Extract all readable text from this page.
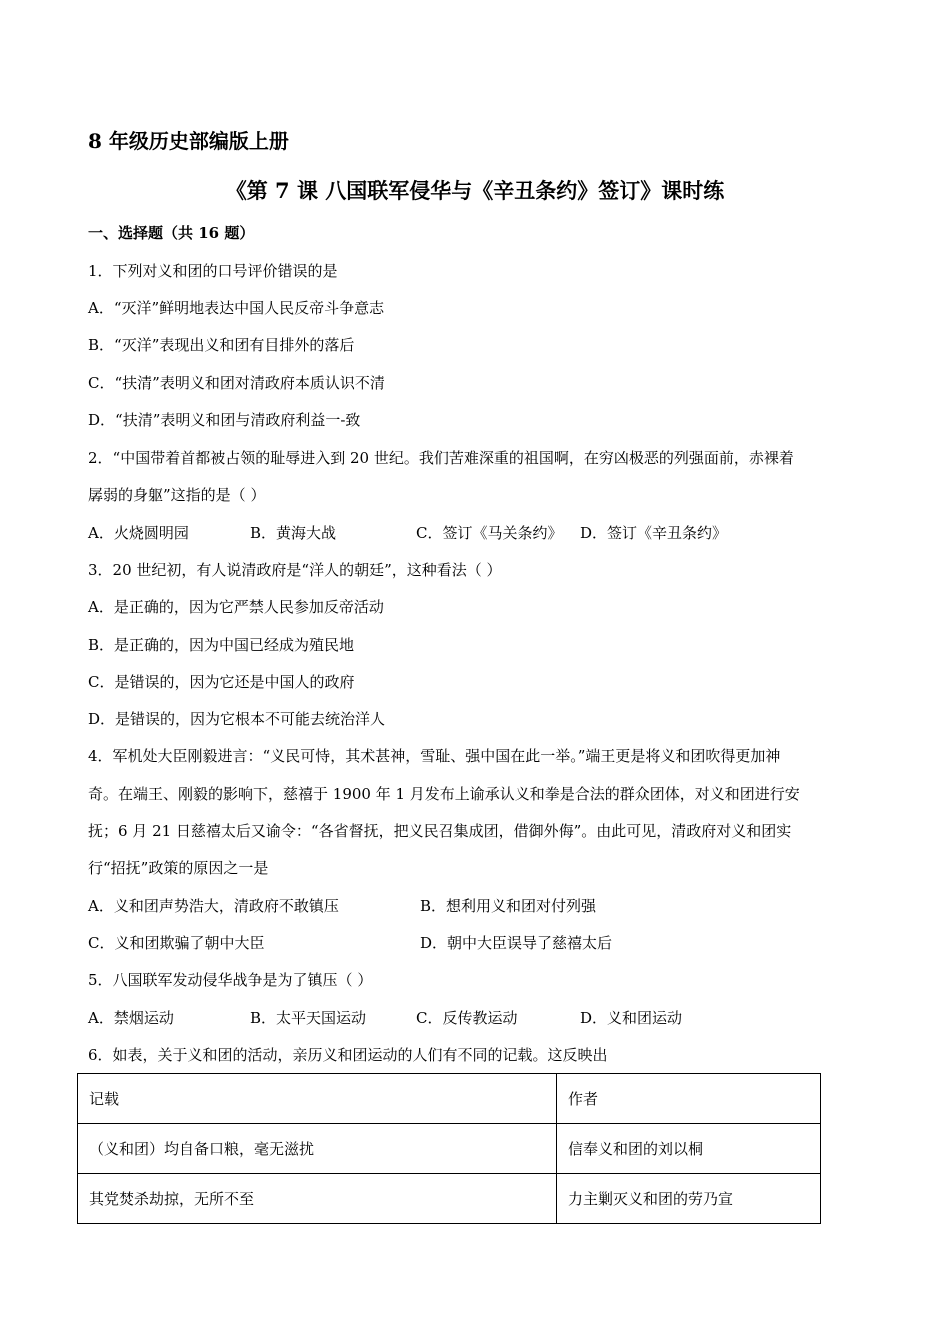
8 年级历史部编版上册
《第 7 课 八国联军侵华与《辛丑条约》签订》课时练
一、选择题（共 16 题）
1．下列对义和团的口号评价错误的是
A．“灭洋”鲜明地表达中国人民反帝斗争意志
B．“灭洋”表现出义和团有目排外的落后
C．“扶清”表明义和团对清政府本质认识不清
D．“扶清”表明义和团与清政府利益一-致
2．“中国带着首都被占领的耻辱进入到 20 世纪。我们苦难深重的祖国啊，在穷凶极恶的列强面前，赤裸着
孱弱的身躯”这指的是（ ）
A．火烧圆明园	B．黄海大战	C．签订《马关条约》 D．签订《辛丑条约》
3．20 世纪初，有人说清政府是“洋人的朝廷”，这种看法（ ）
A．是正确的，因为它严禁人民参加反帝活动
B．是正确的，因为中国已经成为殖民地
C．是错误的，因为它还是中国人的政府
D．是错误的，因为它根本不可能去统治洋人
4．军机处大臣刚毅进言：“义民可恃，其术甚神，雪耻、强中国在此一举。”端王更是将义和团吹得更加神
奇。在端王、刚毅的影响下，慈禧于 1900 年 1 月发布上谕承认义和拳是合法的群众团体，对义和团进行安
抚；6 月 21 日慈禧太后又谕令：“各省督抚，把义民召集成团，借御外侮”。由此可见，清政府对义和团实
行“招抚”政策的原因之一是
A．义和团声势浩大，清政府不敢镇压	B．想利用义和团对付列强
C．义和团欺骗了朝中大臣	D．朝中大臣误导了慈禧太后
5．八国联军发动侵华战争是为了镇压（ ）
A．禁烟运动	B．太平天国运动	C．反传教运动	D．义和团运动
6．如表，关于义和团的活动，亲历义和团运动的人们有不同的记载。这反映出
记载	作者
（义和团）均自备口粮，毫无滋扰	信奉义和团的刘以桐
其党焚杀劫掠，无所不至	力主剿灭义和团的劳乃宣
